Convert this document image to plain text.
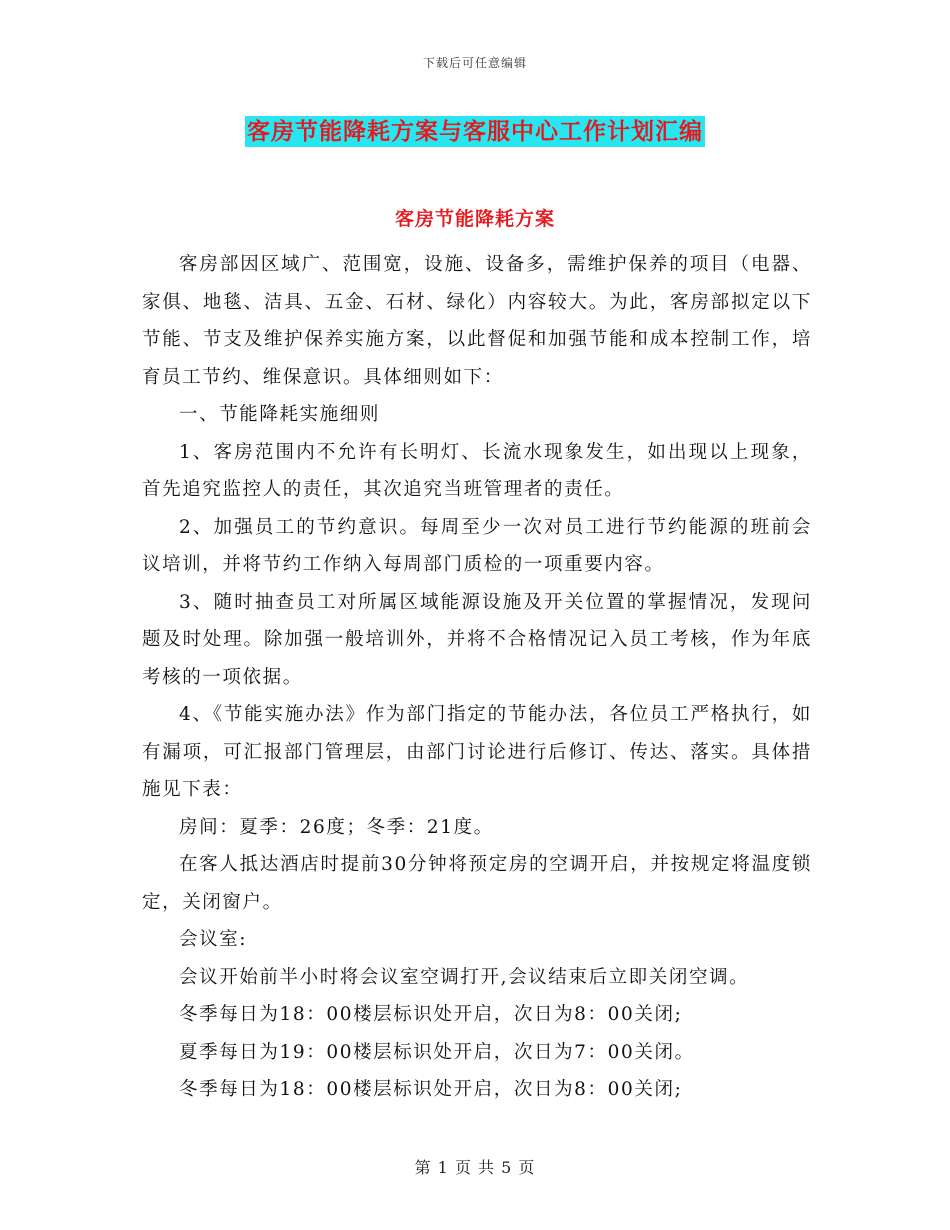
下载后可任意编辑
客房节能降耗方案与客服中心工作计划汇编
客房节能降耗方案

客房部因区域广、范围宽，设施、设备多，需维护保养的项目（电器、家俱、地毯、洁具、五金、石材、绿化）内容较大。为此，客房部拟定以下节能、节支及维护保养实施方案，以此督促和加强节能和成本控制工作，培育员工节约、维保意识。具体细则如下：

一、节能降耗实施细则

1、客房范围内不允许有长明灯、长流水现象发生，如出现以上现象，首先追究监控人的责任，其次追究当班管理者的责任。

2、加强员工的节约意识。每周至少一次对员工进行节约能源的班前会议培训，并将节约工作纳入每周部门质检的一项重要内容。

3、随时抽查员工对所属区域能源设施及开关位置的掌握情况，发现问题及时处理。除加强一般培训外，并将不合格情况记入员工考核，作为年底考核的一项依据。

4、《节能实施办法》作为部门指定的节能办法，各位员工严格执行，如有漏项，可汇报部门管理层，由部门讨论进行后修订、传达、落实。具体措施见下表：

房间：夏季：26度；冬季：21度。

在客人抵达酒店时提前30分钟将预定房的空调开启，并按规定将温度锁定，关闭窗户。

会议室:

会议开始前半小时将会议室空调打开,会议结束后立即关闭空调。

冬季每日为18：00楼层标识处开启，次日为8：00关闭;

夏季每日为19：00楼层标识处开启，次日为7：00关闭。

冬季每日为18：00楼层标识处开启，次日为8：00关闭;

第 1 页 共 5 页
